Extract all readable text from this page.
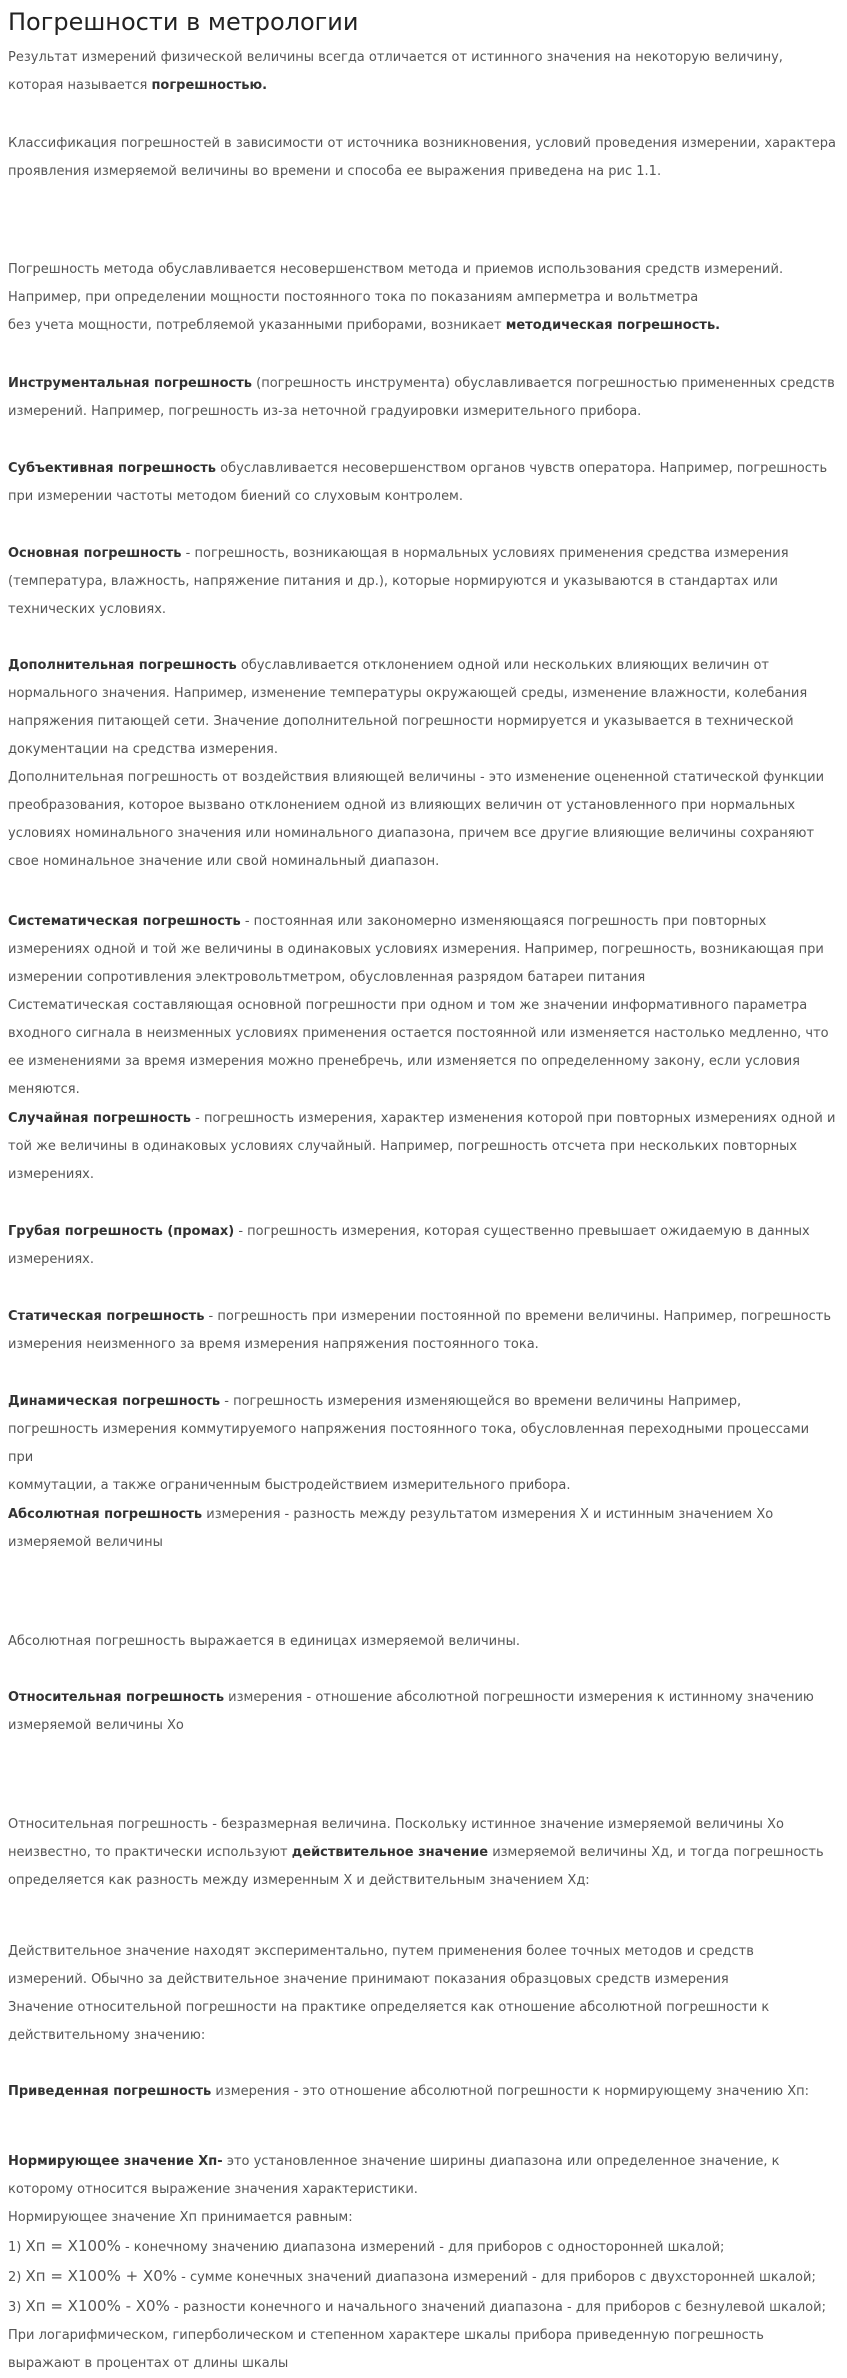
Погрешности в метрологии

Результат измерений физической величины всегда отличается от истинного значения на некоторую величину,
которая называется погрешностью.

Классификация погрешностей в зависимости от источника возникновения, условий проведения измерении, характера
проявления измеряемой величины во времени и способа ее выражения приведена на рис 1.1.

Погрешность метода обуславливается несовершенством метода и приемов использования средств измерений.
Например, при определении мощности постоянного тока по показаниям амперметра и вольтметра
без учета мощности, потребляемой указанными приборами, возникает методическая погрешность.

Инструментальная погрешность (погрешность инструмента) обуславливается погрешностью примененных средств
измерений. Например, погрешность из-за неточной градуировки измерительного прибора.

Субъективная погрешность обуславливается несовершенством органов чувств оператора. Например, погрешность
при измерении частоты методом биений со слуховым контролем.

Основная погрешность - погрешность, возникающая в нормальных условиях применения средства измерения
(температура, влажность, напряжение питания и др.), которые нормируются и указываются в стандартах или
технических условиях.

Дополнительная погрешность обуславливается отклонением одной или нескольких влияющих величин от
нормального значения. Например, изменение температуры окружающей среды, изменение влажности, колебания
напряжения питающей сети. Значение дополнительной погрешности нормируется и указывается в технической
документации на средства измерения.
Дополнительная погрешность от воздействия влияющей величины - это изменение оцененной статической функции
преобразования, которое вызвано отклонением одной из влияющих величин от установленного при нормальных
условиях номинального значения или номинального диапазона, причем все другие влияющие величины сохраняют
свое номинальное значение или свой номинальный диапазон.

Систематическая погрешность - постоянная или закономерно изменяющаяся погрешность при повторных
измерениях одной и той же величины в одинаковых условиях измерения. Например, погрешность, возникающая при
измерении сопротивления электровольтметром, обусловленная разрядом батареи питания
Систематическая составляющая основной погрешности при одном и том же значении информативного параметра
входного сигнала в неизменных условиях применения остается постоянной или изменяется настолько медленно, что
ее изменениями за время измерения можно пренебречь, или изменяется по определенному закону, если условия
меняются.

Случайная погрешность - погрешность измерения, характер изменения которой при повторных измерениях одной и
той же величины в одинаковых условиях случайный. Например, погрешность отсчета при нескольких повторных
измерениях.

Грубая погрешность (промах) - погрешность измерения, которая существенно превышает ожидаемую в данных
измерениях.

Статическая погрешность - погрешность при измерении постоянной по времени величины. Например, погрешность
измерения неизменного за время измерения напряжения постоянного тока.

Динамическая погрешность - погрешность измерения изменяющейся во времени величины Например,
погрешность измерения коммутируемого напряжения постоянного тока, обусловленная переходными процессами при
коммутации, а также ограниченным быстродействием измерительного прибора.

Абсолютная погрешность измерения - разность между результатом измерения Х и истинным значением Хо
измеряемой величины

Абсолютная погрешность выражается в единицах измеряемой величины.

Относительная погрешность измерения - отношение абсолютной погрешности измерения к истинному значению
измеряемой величины Хо

Относительная погрешность - безразмерная величина. Поскольку истинное значение измеряемой величины Хо
неизвестно, то практически используют действительное значение измеряемой величины Хд, и тогда погрешность
определяется как разность между измеренным Х и действительным значением Хд:

Действительное значение находят экспериментально, путем применения более точных методов и средств
измерений. Обычно за действительное значение принимают показания образцовых средств измерения
Значение относительной погрешности на практике определяется как отношение абсолютной погрешности к
действительному значению:

Приведенная погрешность измерения - это отношение абсолютной погрешности к нормирующему значению Хп:

Нормирующее значение Хп- это установленное значение ширины диапазона или определенное значение, к
которому относится выражение значения характеристики.
Нормирующее значение Хп принимается равным:
1) Хп = Х100% - конечному значению диапазона измерений - для приборов с односторонней шкалой;
2) Хп = Х100% + Х0% - сумме конечных значений диапазона измерений - для приборов с двухсторонней шкалой;
3) Хп = Х100% - Х0% - разности конечного и начального значений диапазона - для приборов с безнулевой шкалой;
При логарифмическом, гиперболическом и степенном характере шкалы прибора приведенную погрешность
выражают в процентах от длины шкалы
